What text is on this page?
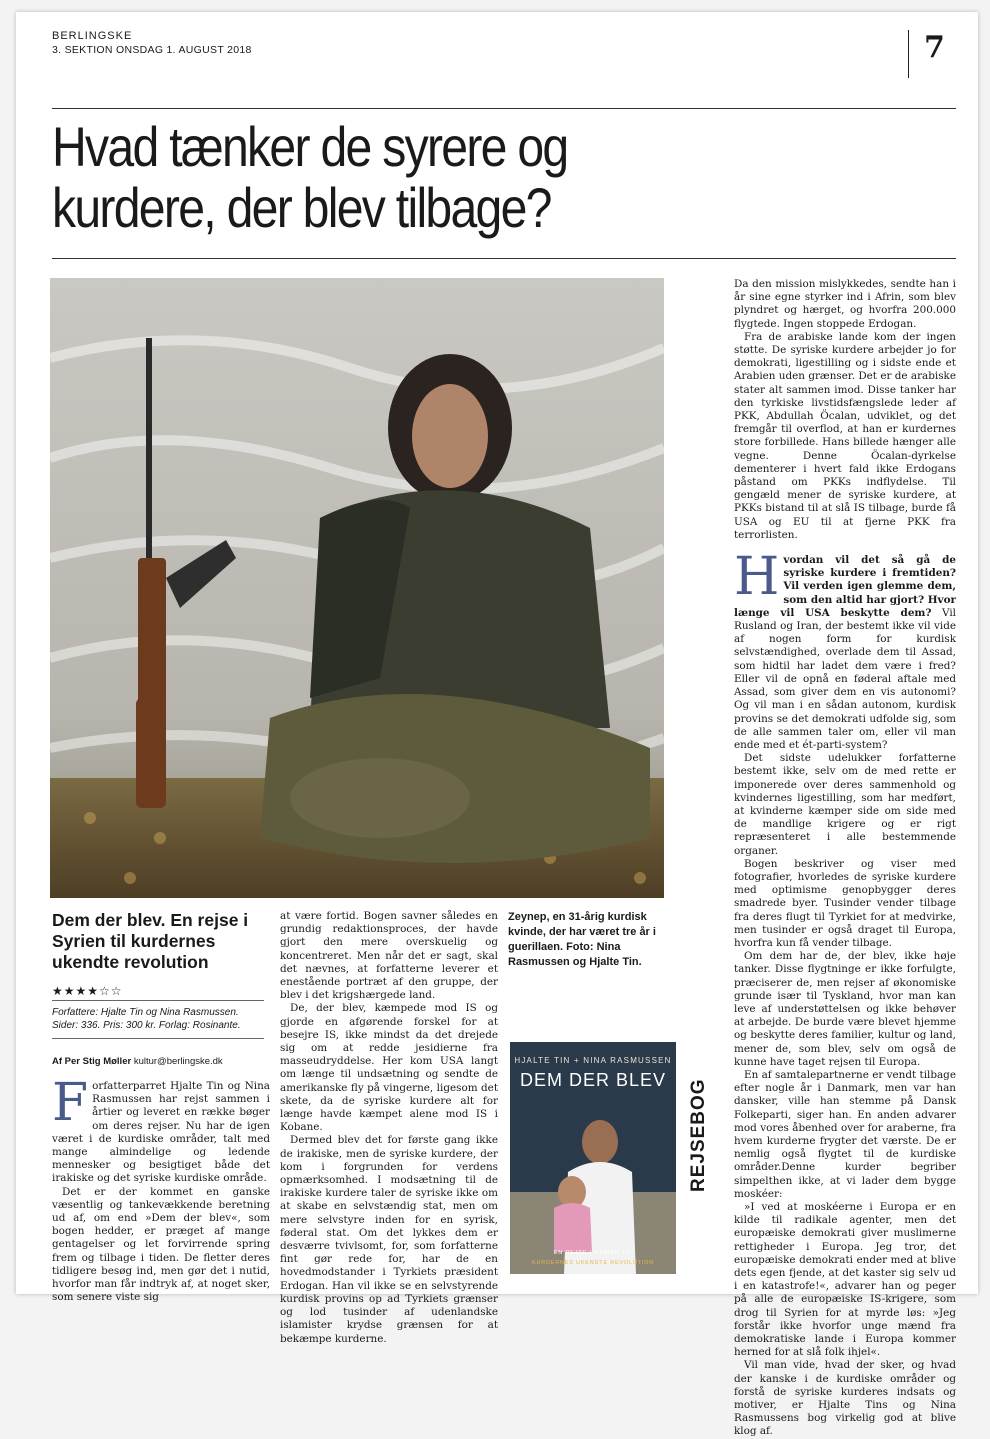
BERLINGSKE
3. SEKTION ONSDAG 1. AUGUST 2018	7
Hvad tænker de syrere og kurdere, der blev tilbage?
Dem der blev. En rejse i Syrien til kurdernes ukendte revolution
★★★★☆☆
Forfattere: Hjalte Tin og Nina Rasmussen.
Sider: 336. Pris: 300 kr. Forlag: Rosinante.
Af Per Stig Møller kultur@berlingske.dk
F orfatterparret Hjalte Tin og Nina Rasmussen har rejst sammen i årtier og leveret en række bøger om deres rejser. Nu har de igen været i de kurdiske områder, talt med mange almindelige og ledende mennesker og besigtiget både det irakiske og det syriske kurdiske område.

Det er der kommet en ganske væsentlig og tankevækkende beretning ud af, om end »Dem der blev«, som bogen hedder, er præget af mange gentagelser og let forvirrende spring frem og tilbage i tiden. De fletter deres tidligere besøg ind, men gør det i nutid, hvorfor man får indtryk af, at noget sker, som senere viste sig

at være fortid. Bogen savner således en grundig redaktionsproces, der havde gjort den mere overskuelig og koncentreret. Men når det er sagt, skal det nævnes, at forfatterne leverer et enestående portræt af den gruppe, der blev i det krigshærgede land.

De, der blev, kæmpede mod IS og gjorde en afgørende forskel for at besejre IS, ikke mindst da det drejede sig om at redde jesidierne fra masseudryddelse. Her kom USA langt om længe til undsætning og sendte de amerikanske fly på vingerne, ligesom det skete, da de syriske kurdere alt for længe havde kæmpet alene mod IS i Kobane.

Dermed blev det for første gang ikke de irakiske, men de syriske kurdere, der kom i forgrunden for verdens opmærksomhed. I modsætning til de irakiske kurdere taler de syriske ikke om at skabe en selvstændig stat, men om mere selvstyre inden for en syrisk, føderal stat. Om det lykkes dem er desværre tvivlsomt, for, som forfatterne fint gør rede for, har de en hovedmodstander i Tyrkiets præsident Erdogan. Han vil ikke se en selvstyrende kurdisk provins op ad Tyrkiets grænser og lod tusinder af udenlandske islamister krydse grænsen for at bekæmpe kurderne.

Zeynep, en 31-årig kurdisk kvinde, der har været tre år i guerillaen. Foto: Nina Rasmussen og Hjalte Tin.
HJALTE TIN + NINA RASMUSSEN
DEM DER BLEV
EN REJSE I SYRIEN TIL
KURDERNES UKENDTE REVOLUTION
REJSEBOG

Da den mission mislykkedes, sendte han i år sine egne styrker ind i Afrin, som blev plyndret og hærget, og hvorfra 200.000 flygtede. Ingen stoppede Erdogan.

Fra de arabiske lande kom der ingen støtte. De syriske kurdere arbejder jo for demokrati, ligestilling og i sidste ende et Arabien uden grænser. Det er de arabiske stater alt sammen imod. Disse tanker har den tyrkiske livstidsfængslede leder af PKK, Abdullah Öcalan, udviklet, og det fremgår til overflod, at han er kurdernes store forbillede. Hans billede hænger alle vegne. Denne Öcalan-dyrkelse dementerer i hvert fald ikke Erdogans påstand om PKKs indflydelse. Til gengæld mener de syriske kurdere, at PKKs bistand til at slå IS tilbage, burde få USA og EU til at fjerne PKK fra terrorlisten.

H vordan vil det så gå de syriske kurdere i fremtiden? Vil verden igen glemme dem, som den altid har gjort? Hvor længe vil USA beskytte dem? Vil Rusland og Iran, der bestemt ikke vil vide af nogen form for kurdisk selvstændighed, overlade dem til Assad, som hidtil har ladet dem være i fred? Eller vil de opnå en føderal aftale med Assad, som giver dem en vis autonomi? Og vil man i en sådan autonom, kurdisk provins se det demokrati udfolde sig, som de alle sammen taler om, eller vil man ende med et ét-parti-system?

Det sidste udelukker forfatterne bestemt ikke, selv om de med rette er imponerede over deres sammenhold og kvindernes ligestilling, som har medført, at kvinderne kæmper side om side med de mandlige krigere og er rigt repræsenteret i alle bestemmende organer.

Bogen beskriver og viser med fotografier, hvorledes de syriske kurdere med optimisme genopbygger deres smadrede byer. Tusinder vender tilbage fra deres flugt til Tyrkiet for at medvirke, men tusinder er også draget til Europa, hvorfra kun få vender tilbage.

Om dem har de, der blev, ikke høje tanker. Disse flygtninge er ikke forfulgte, præciserer de, men rejser af økonomiske grunde især til Tyskland, hvor man kan leve af understøttelsen og ikke behøver at arbejde. De burde være blevet hjemme og beskytte deres familier, kultur og land, mener de, som blev, selv om også de kunne have taget rejsen til Europa.

En af samtalepartnerne er vendt tilbage efter nogle år i Danmark, men var han dansker, ville han stemme på Dansk Folkeparti, siger han. En anden advarer mod vores åbenhed over for araberne, fra hvem kurderne frygter det værste. De er nemlig også flygtet til de kurdiske områder.Denne kurder begriber simpelthen ikke, at vi lader dem bygge moskéer:

»I ved at moskéerne i Europa er en kilde til radikale agenter, men det europæiske demokrati giver muslimerne rettigheder i Europa. Jeg tror, det europæiske demokrati ender med at blive dets egen fjende, at det kaster sig selv ud i en katastrofe!«, advarer han og peger på alle de europæiske IS-krigere, som drog til Syrien for at myrde løs: »Jeg forstår ikke hvorfor unge mænd fra demokratiske lande i Europa kommer herned for at slå folk ihjel«.

Vil man vide, hvad der sker, og hvad der kanske i de kurdiske områder og forstå de syriske kurderes indsats og motiver, er Hjalte Tins og Nina Rasmussens bog virkelig god at blive klog af.
